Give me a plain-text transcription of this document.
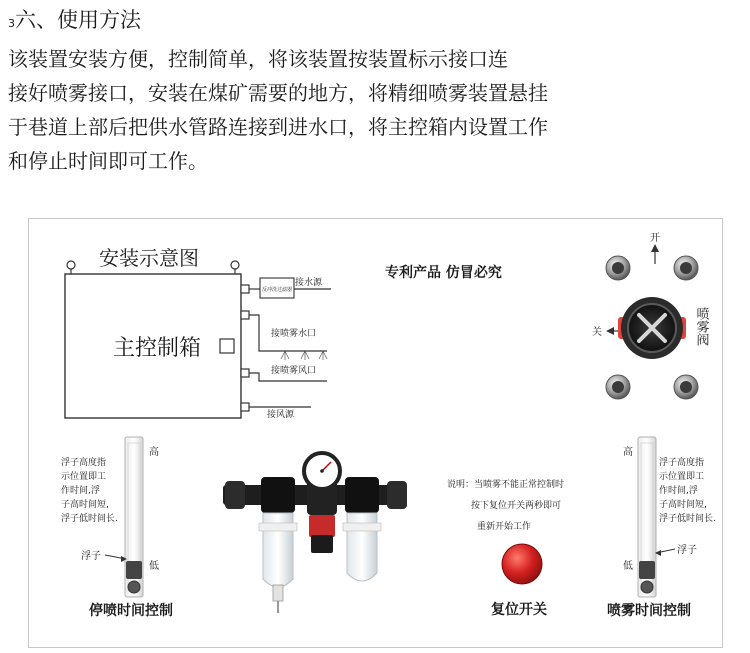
3六、使用方法

该装置安装方便，控制简单，将该装置按装置标示接口连
接好喷雾接口，安装在煤矿需要的地方，将精细喷雾装置悬挂
于巷道上部后把供水管路连接到进水口，将主控箱内设置工作
和停止时间即可工作。

安装示意图
主控制箱
反冲洗过滤器
接水源
接喷雾水口
接喷雾风口
接风源
专利产品 仿冒必究
开
关	喷雾阀
高
低
浮子高度指
示位置即工
作时间,浮
子高时间短,
浮子低时间长.
浮子
停喷时间控制
说明：当喷雾不能正常控制时
按下复位开关两秒即可
重新开始工作
复位开关
高
低
浮子高度指
示位置即工
作时间,浮
子高时间短,
浮子低时间长.
浮子
喷雾时间控制
